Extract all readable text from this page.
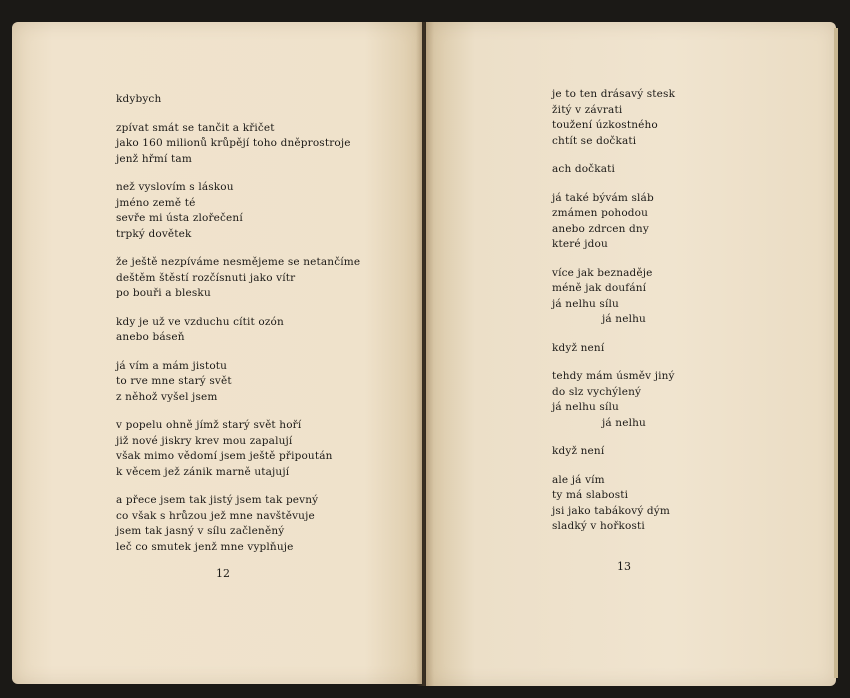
kdybych
zpívat smát se tančit a křičet
jako 160 milionů krůpějí toho dněprostroje
jenž hřmí tam
než vyslovím s láskou
jméno země té
sevře mi ústa zlořečení
trpký dovětek
že ještě nezpíváme nesmějeme se netančíme
deštěm štěstí rozčísnuti jako vítr
po bouři a blesku
kdy je už ve vzduchu cítit ozón
anebo báseň
já vím a mám jistotu
to rve mne starý svět
z něhož vyšel jsem
v popelu ohně jímž starý svět hoří
již nové jiskry krev mou zapalují
však mimo vědomí jsem ještě připoután
k věcem jež zánik marně utajují
a přece jsem tak jistý jsem tak pevný
co však s hrůzou jež mne navštěvuje
jsem tak jasný v sílu začleněný
leč co smutek jenž mne vyplňuje
je to ten drásavý stesk
žitý v závrati
toužení úzkostného
chtít se dočkati
ach dočkati
já také bývám sláb
zmámen pohodou
anebo zdrcen dny
které jdou
více jak beznaděje
méně jak doufání
já nelhu sílu
já nelhu
když není
tehdy mám úsměv jiný
do slz vychýlený
já nelhu sílu
já nelhu
když není
ale já vím
ty má slabosti
jsi jako tabákový dým
sladký v hořkosti
12
13
